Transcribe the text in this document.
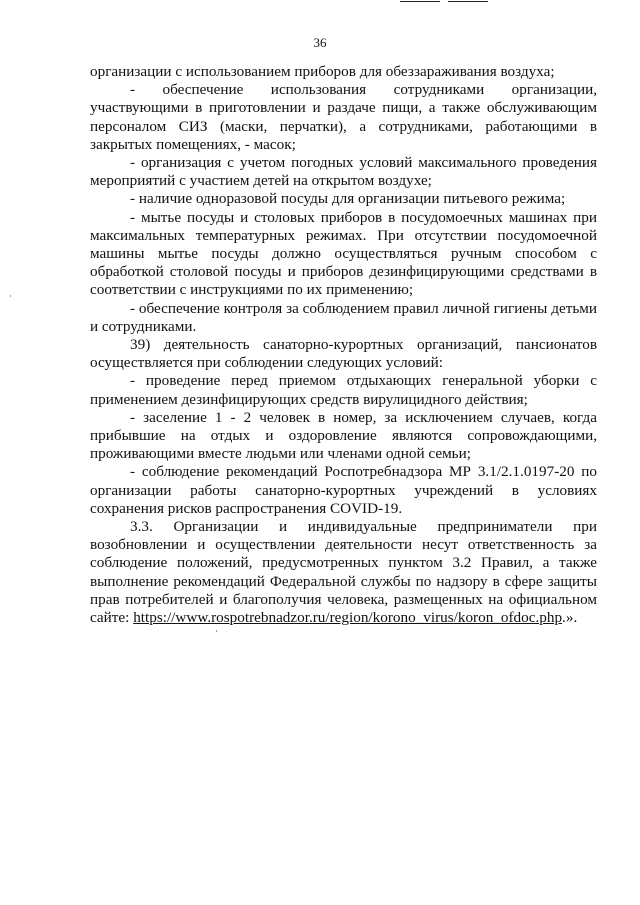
36

организации с использованием приборов для обеззараживания воздуха;

- обеспечение использования сотрудниками организации, участвующими в приготовлении и раздаче пищи, а также обслуживающим персоналом СИЗ (маски, перчатки), а сотрудниками, работающими в закрытых помещениях, - масок;

- организация с учетом погодных условий максимального проведения мероприятий с участием детей на открытом воздухе;

- наличие одноразовой посуды для организации питьевого режима;

- мытье посуды и столовых приборов в посудомоечных машинах при максимальных температурных режимах. При отсутствии посудомоечной машины мытье посуды должно осуществляться ручным способом с обработкой столовой посуды и приборов дезинфицирующими средствами в соответствии с инструкциями по их применению;

- обеспечение контроля за соблюдением правил личной гигиены детьми и сотрудниками.

39) деятельность санаторно-курортных организаций, пансионатов осуществляется при соблюдении следующих условий:

- проведение перед приемом отдыхающих генеральной уборки с применением дезинфицирующих средств вирулицидного действия;

- заселение 1 - 2 человек в номер, за исключением случаев, когда прибывшие на отдых и оздоровление являются сопровождающими, проживающими вместе людьми или членами одной семьи;

- соблюдение рекомендаций Роспотребнадзора МР 3.1/2.1.0197-20 по организации работы санаторно-курортных учреждений в условиях сохранения рисков распространения COVID-19.

3.3. Организации и индивидуальные предприниматели при возобновлении и осуществлении деятельности несут ответственность за соблюдение положений, предусмотренных пунктом 3.2 Правил, а также выполнение рекомендаций Федеральной службы по надзору в сфере защиты прав потребителей и благополучия человека, размещенных на официальном сайте: https://www.rospotrebnadzor.ru/region/korono_virus/koron_ofdoc.php.».
